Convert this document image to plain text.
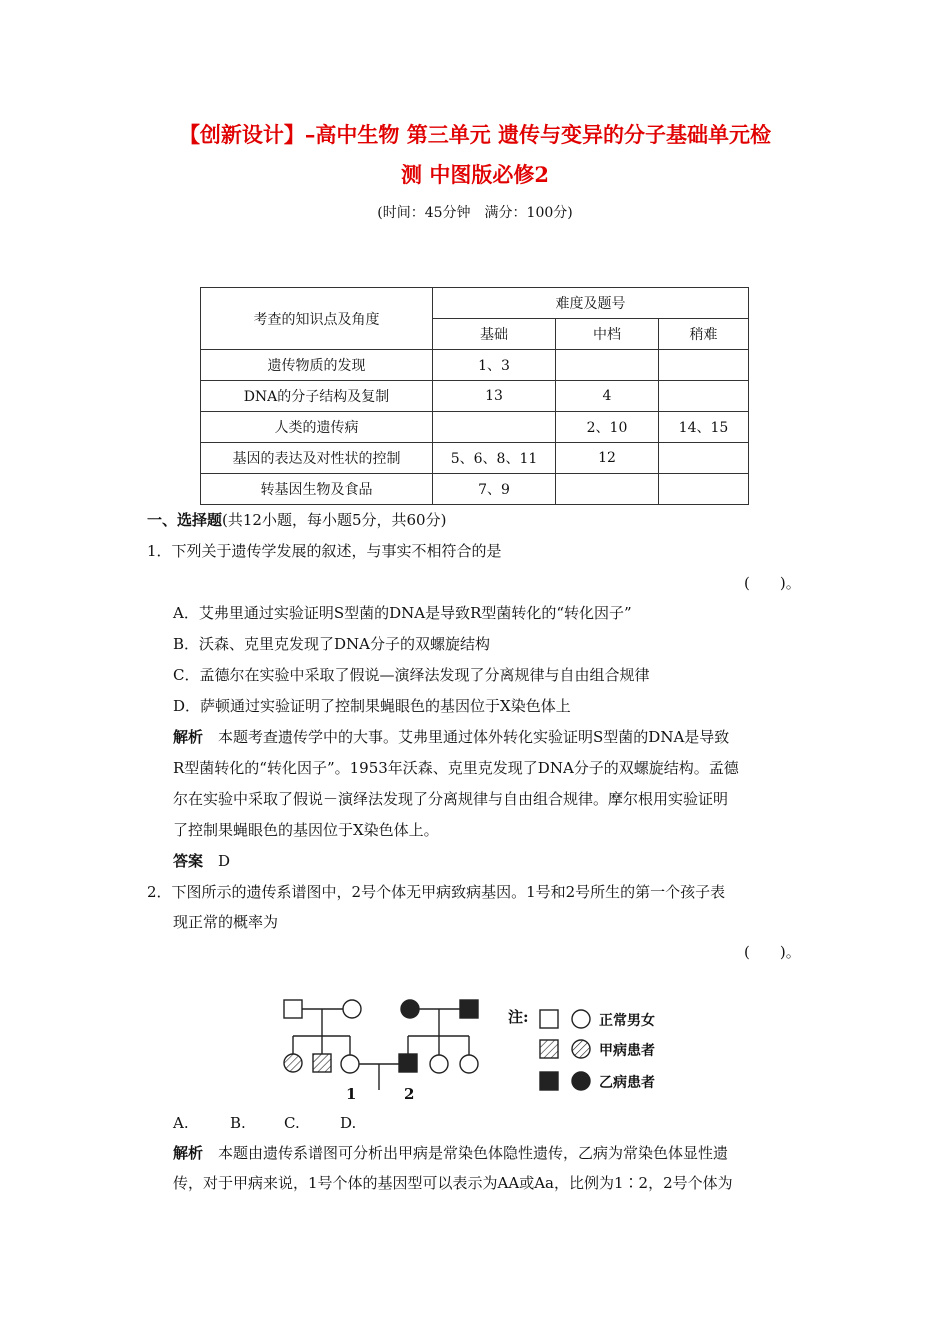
【创新设计】–高中生物 第三单元 遗传与变异的分子基础单元检
测 中图版必修2
(时间：45分钟　满分：100分)
考查的知识点及角度	难度及题号		
	基础	中档	稍难
遗传物质的发现	1、3		
DNA的分子结构及复制	13	4	
人类的遗传病		2、10	14、15
基因的表达及对性状的控制	5、6、8、11	12	
转基因生物及食品	7、9		
一、选择题(共12小题，每小题5分，共60分)
1．下列关于遗传学发展的叙述，与事实不相符合的是
(　　)。
A．艾弗里通过实验证明S型菌的DNA是导致R型菌转化的“转化因子”
B．沃森、克里克发现了DNA分子的双螺旋结构
C．孟德尔在实验中采取了假说—演绎法发现了分离规律与自由组合规律
D．萨顿通过实验证明了控制果蝇眼色的基因位于X染色体上
解析　 本题考查遗传学中的大事。艾弗里通过体外转化实验证明S型菌的DNA是导致
R型菌转化的“转化因子”。1953年沃森、克里克发现了DNA分子的双螺旋结构。孟德
尔在实验中采取了假说－演绎法发现了分离规律与自由组合规律。摩尔根用实验证明
了控制果蝇眼色的基因位于X染色体上。
答案　 D
2．下图所示的遗传系谱图中，2号个体无甲病致病基因。1号和2号所生的第一个孩子表
现正常的概率为
(　　)。
1	2
注:	正常男女
甲病患者
乙病患者
A.	B.	C.	D.
解析　 本题由遗传系谱图可分析出甲病是常染色体隐性遗传，乙病为常染色体显性遗
传，对于甲病来说，1号个体的基因型可以表示为AA或Aa，比例为1∶2，2号个体为
